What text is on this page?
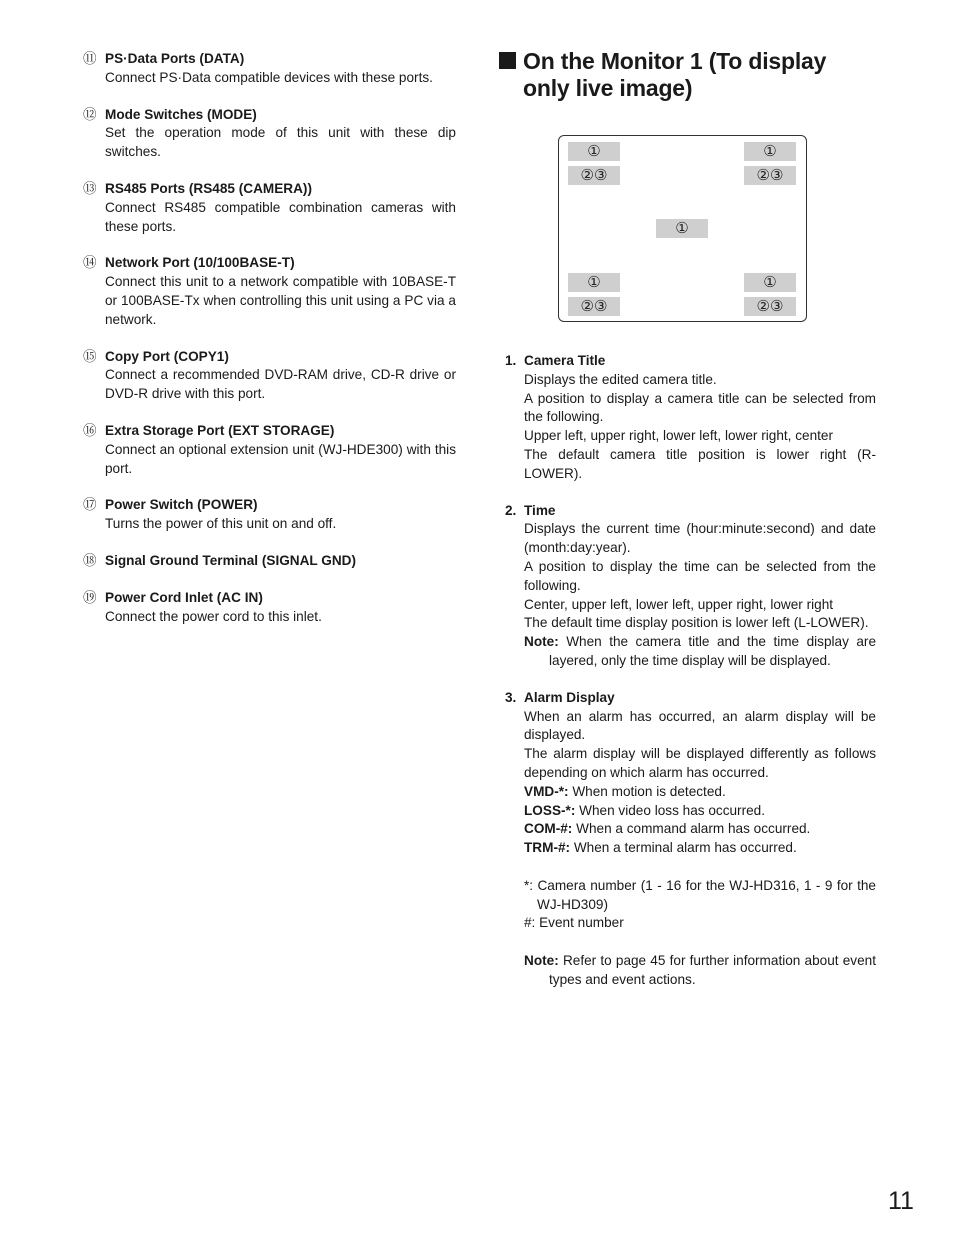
⑪ PS·Data Ports (DATA)
Connect PS·Data compatible devices with these ports.
⑫ Mode Switches (MODE)
Set the operation mode of this unit with these dip switches.
⑬ RS485 Ports (RS485 (CAMERA))
Connect RS485 compatible combination cameras with these ports.
⑭ Network Port (10/100BASE-T)
Connect this unit to a network compatible with 10BASE-T or 100BASE-Tx when controlling this unit using a PC via a network.
⑮ Copy Port (COPY1)
Connect a recommended DVD-RAM drive, CD-R drive or DVD-R drive with this port.
⑯ Extra Storage Port (EXT STORAGE)
Connect an optional extension unit (WJ-HDE300) with this port.
⑰ Power Switch (POWER)
Turns the power of this unit on and off.
⑱ Signal Ground Terminal (SIGNAL GND)
⑲ Power Cord Inlet (AC IN)
Connect the power cord to this inlet.
On the Monitor 1 (To display only live image)
①
②③
①
②③
①
①
②③
①
②③
1. Camera Title
Displays the edited camera title.
A position to display a camera title can be selected from the following.
Upper left, upper right, lower left, lower right, center
The default camera title position is lower right (R-LOWER).
2. Time
Displays the current time (hour:minute:second) and date (month:day:year).
A position to display the time can be selected from the following.
Center, upper left, lower left, upper right, lower right
The default time display position is lower left (L-LOWER).
Note: When the camera title and the time display are layered, only the time display will be displayed.
3. Alarm Display
When an alarm has occurred, an alarm display will be displayed.
The alarm display will be displayed differently as follows depending on which alarm has occurred.
VMD-*: When motion is detected.
LOSS-*: When video loss has occurred.
COM-#: When a command alarm has occurred.
TRM-#: When a terminal alarm has occurred.
*: Camera number (1 - 16 for the WJ-HD316, 1 - 9 for the WJ-HD309)
#: Event number
Note: Refer to page 45 for further information about event types and event actions.
11
